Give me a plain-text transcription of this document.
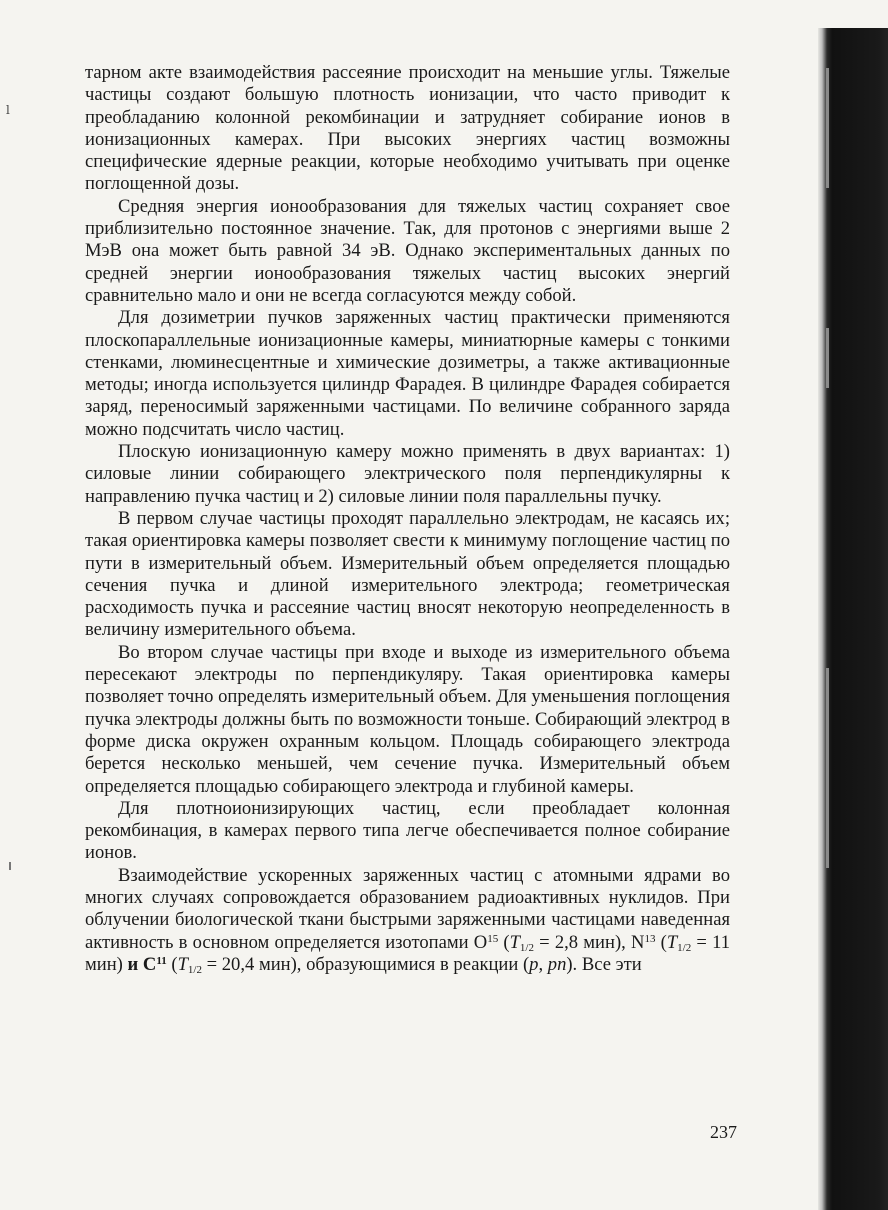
ⅼ

тарном акте взаимодействия рассеяние происходит на меньшие углы. Тяжелые частицы создают большую плотность ионизации, что часто приводит к преобладанию колонной рекомбинации и затрудняет собирание ионов в ионизационных камерах. При высоких энергиях частиц возможны специфические ядерные реакции, которые необходимо учитывать при оценке поглощенной дозы.

Средняя энергия ионообразования для тяжелых частиц сохраняет свое приблизительно постоянное значение. Так, для протонов с энергиями выше 2 МэВ она может быть равной 34 эВ. Однако экспериментальных данных по средней энергии ионообразования тяжелых частиц высоких энергий сравнительно мало и они не всегда согласуются между собой.

Для дозиметрии пучков заряженных частиц практически применяются плоскопараллельные ионизационные камеры, миниатюрные камеры с тонкими стенками, люминесцентные и химические дозиметры, а также активационные методы; иногда используется цилиндр Фарадея. В цилиндре Фарадея собирается заряд, переносимый заряженными частицами. По величине собранного заряда можно подсчитать число частиц.

Плоскую ионизационную камеру можно применять в двух вариантах: 1) силовые линии собирающего электрического поля перпендикулярны к направлению пучка частиц и 2) силовые линии поля параллельны пучку.

В первом случае частицы проходят параллельно электродам, не касаясь их; такая ориентировка камеры позволяет свести к минимуму поглощение частиц по пути в измерительный объем. Измерительный объем определяется площадью сечения пучка и длиной измерительного электрода; геометрическая расходимость пучка и рассеяние частиц вносят некоторую неопределенность в величину измерительного объема.

Во втором случае частицы при входе и выходе из измерительного объема пересекают электроды по перпендикуляру. Такая ориентировка камеры позволяет точно определять измерительный объем. Для уменьшения поглощения пучка электроды должны быть по возможности тоньше. Собирающий электрод в форме диска окружен охранным кольцом. Площадь собирающего электрода берется несколько меньшей, чем сечение пучка. Измерительный объем определяется площадью собирающего электрода и глубиной камеры.

Для плотноионизирующих частиц, если преобладает колонная рекомбинация, в камерах первого типа легче обеспечивается полное собирание ионов.

Взаимодействие ускоренных заряженных частиц с атомными ядрами во многих случаях сопровождается образованием радиоактивных нуклидов. При облучении биологической ткани быстрыми заряженными частицами наведенная активность в основном определяется изотопами $O^{15}$ ($T_{1/2} = 2,8$ мин), $N^{13}$ ($T_{1/2} = 11$ мин) и $C^{11}$ ($T_{1/2} = 20,4$ мин), образующимися в реакции (p, pn). Все эти

237
